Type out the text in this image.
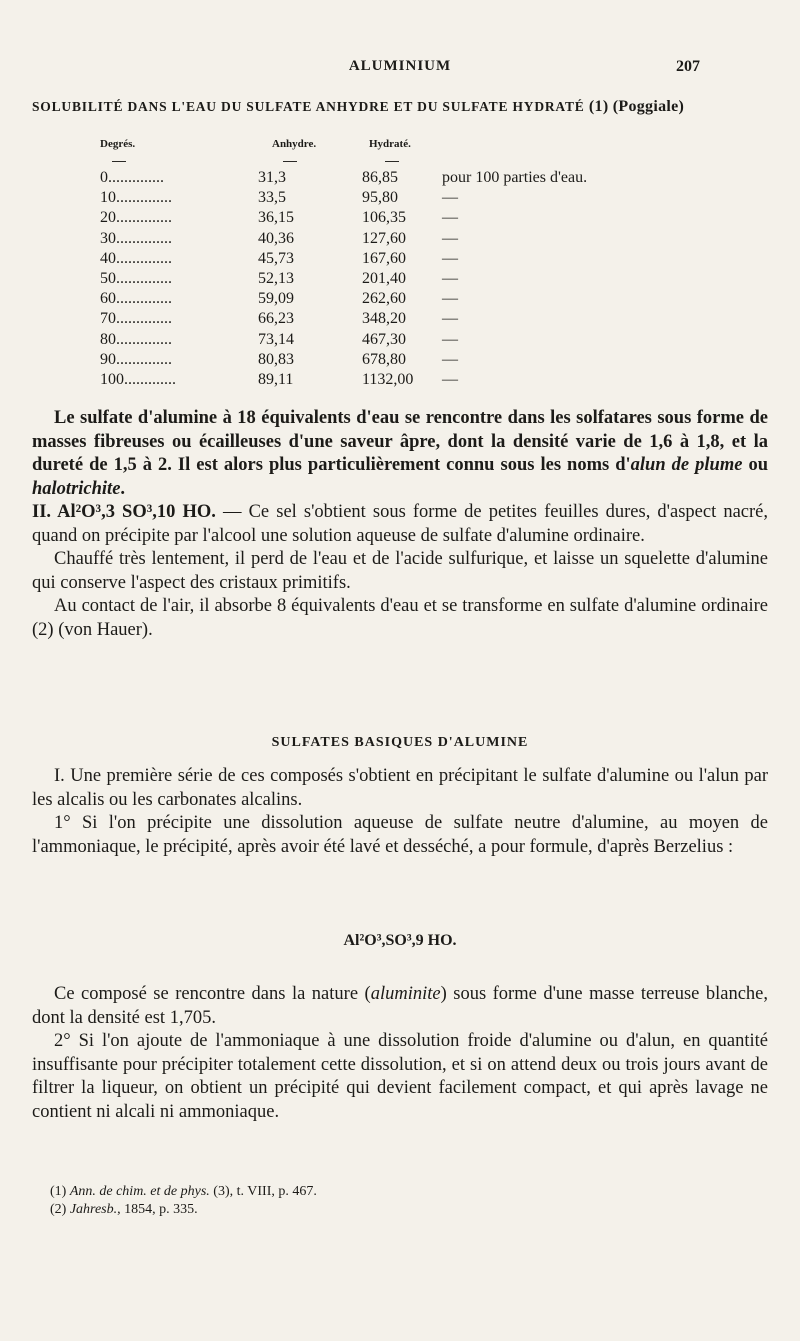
ALUMINIUM	207
SOLUBILITÉ DANS L'EAU DU SULFATE ANHYDRE ET DU SULFATE HYDRATÉ (1) (Poggiale)
Degrés.	Anhydre.	Hydraté.
0..............	31,3	86,85	pour 100 parties d'eau.
10..............	33,5	95,80	—
20..............	36,15	106,35 —
30..............	40,36	127,60 —
40..............	45,73	167,60 —
50..............	52,13	201,40 —
60..............	59,09	262,60 —
70..............	66,23	348,20 —
80..............	73,14	467,30 —
90..............	80,83	678,80 —
100.............	89,11	1132,00 —

Le sulfate d'alumine à 18 équivalents d'eau se rencontre dans les solfatares sous forme de masses fibreuses ou écailleuses d'une saveur âpre, dont la densité varie de 1,6 à 1,8, et la dureté de 1,5 à 2. Il est alors plus particulièrement connu sous les noms d'alun de plume ou halotrichite.

II. Al²O³,3 SO³,10 HO. — Ce sel s'obtient sous forme de petites feuilles dures, d'aspect nacré, quand on précipite par l'alcool une solution aqueuse de sulfate d'alumine ordinaire.

Chauffé très lentement, il perd de l'eau et de l'acide sulfurique, et laisse un squelette d'alumine qui conserve l'aspect des cristaux primitifs.

Au contact de l'air, il absorbe 8 équivalents d'eau et se transforme en sulfate d'alumine ordinaire (2) (von Hauer).

SULFATES BASIQUES D'ALUMINE

I. Une première série de ces composés s'obtient en précipitant le sulfate d'alumine ou l'alun par les alcalis ou les carbonates alcalins.

1° Si l'on précipite une dissolution aqueuse de sulfate neutre d'alumine, au moyen de l'ammoniaque, le précipité, après avoir été lavé et desséché, a pour formule, d'après Berzelius :

Al²O³,SO³,9 HO.

Ce composé se rencontre dans la nature (aluminite) sous forme d'une masse terreuse blanche, dont la densité est 1,705.

2° Si l'on ajoute de l'ammoniaque à une dissolution froide d'alumine ou d'alun, en quantité insuffisante pour précipiter totalement cette dissolution, et si on attend deux ou trois jours avant de filtrer la liqueur, on obtient un précipité qui devient facilement compact, et qui après lavage ne contient ni alcali ni ammoniaque.

(1) Ann. de chim. et de phys. (3), t. VIII, p. 467.
(2) Jahresb., 1854, p. 335.
